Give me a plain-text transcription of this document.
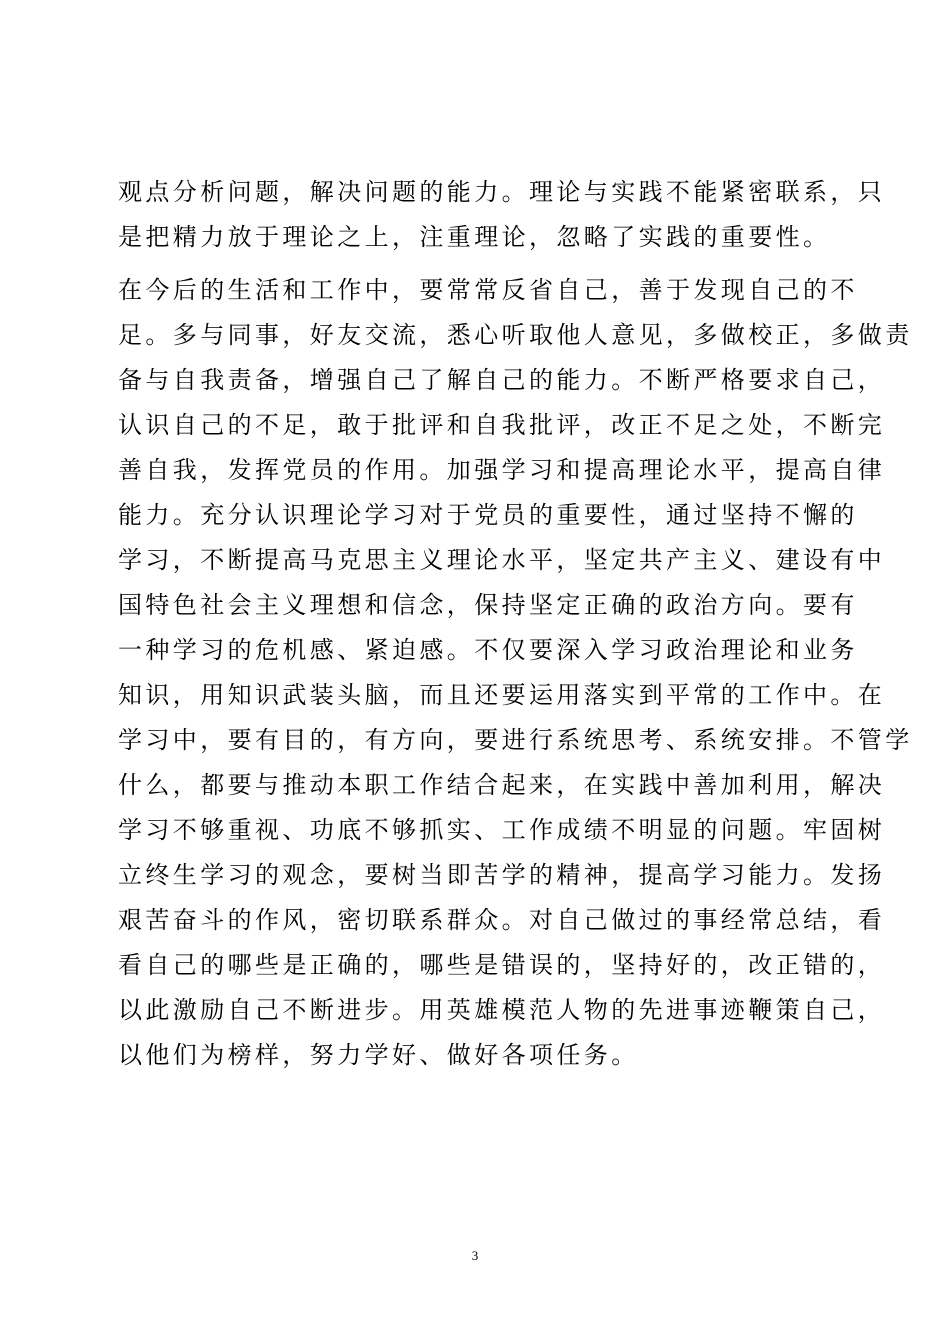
观点分析问题，解决问题的能力。理论与实践不能紧密联系，只
是把精力放于理论之上，注重理论，忽略了实践的重要性。
在今后的生活和工作中，要常常反省自己，善于发现自己的不
足。多与同事，好友交流，悉心听取他人意见，多做校正，多做责
备与自我责备，增强自己了解自己的能力。不断严格要求自己，
认识自己的不足，敢于批评和自我批评，改正不足之处，不断完
善自我，发挥党员的作用。加强学习和提高理论水平，提高自律
能力。充分认识理论学习对于党员的重要性，通过坚持不懈的
学习，不断提高马克思主义理论水平，坚定共产主义、建设有中
国特色社会主义理想和信念，保持坚定正确的政治方向。要有
一种学习的危机感、紧迫感。不仅要深入学习政治理论和业务
知识，用知识武装头脑，而且还要运用落实到平常的工作中。在
学习中，要有目的，有方向，要进行系统思考、系统安排。不管学
什么，都要与推动本职工作结合起来，在实践中善加利用，解决
学习不够重视、功底不够抓实、工作成绩不明显的问题。牢固树
立终生学习的观念，要树当即苦学的精神，提高学习能力。发扬
艰苦奋斗的作风，密切联系群众。对自己做过的事经常总结，看
看自己的哪些是正确的，哪些是错误的，坚持好的，改正错的，
以此激励自己不断进步。用英雄模范人物的先进事迹鞭策自己，
以他们为榜样，努力学好、做好各项任务。
3
